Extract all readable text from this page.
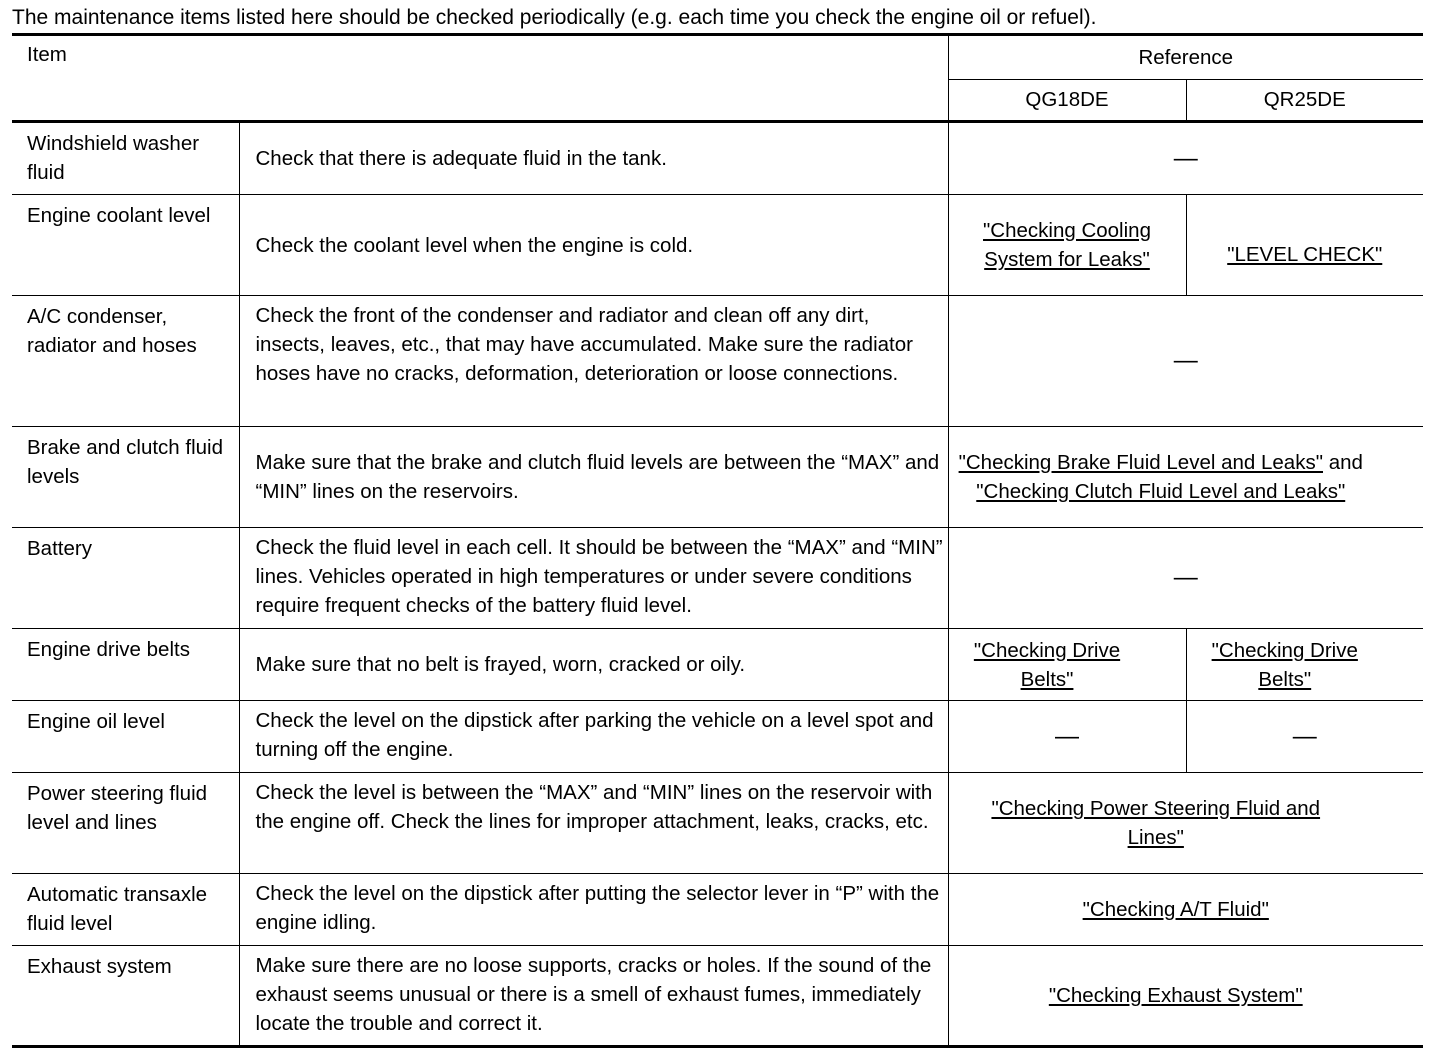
The maintenance items listed here should be checked periodically (e.g. each time you check the engine oil or refuel).
Item		Reference	
		QG18DE	QR25DE
Windshield washer fluid	Check that there is adequate fluid in the tank.	—	
Engine coolant level	Check the coolant level when the engine is cold.	"Checking Cooling System for Leaks"	"LEVEL CHECK"
A/C condenser, radiator and hoses	Check the front of the condenser and radiator and clean off any dirt, insects, leaves, etc., that may have accumulated. Make sure the radiator hoses have no cracks, deformation, deterioration or loose connections.	—	
Brake and clutch fluid levels	Make sure that the brake and clutch fluid levels are between the “MAX” and “MIN” lines on the reservoirs.	"Checking Brake Fluid Level and Leaks" and "Checking Clutch Fluid Level and Leaks"	
Battery	Check the fluid level in each cell. It should be between the “MAX” and “MIN” lines. Vehicles operated in high temperatures or under severe conditions require frequent checks of the battery fluid level.	—	
Engine drive belts	Make sure that no belt is frayed, worn, cracked or oily.	"Checking Drive Belts"	"Checking Drive Belts"
Engine oil level	Check the level on the dipstick after parking the vehicle on a level spot and turning off the engine.	—	—
Power steering fluid level and lines	Check the level is between the “MAX” and “MIN” lines on the reservoir with the engine off. Check the lines for improper attachment, leaks, cracks, etc.	"Checking Power Steering Fluid and Lines"	
Automatic transaxle fluid level	Check the level on the dipstick after putting the selector lever in “P” with the engine idling.	"Checking A/T Fluid"	
Exhaust system	Make sure there are no loose supports, cracks or holes. If the sound of the exhaust seems unusual or there is a smell of exhaust fumes, immediately locate the trouble and correct it.	"Checking Exhaust System"	
